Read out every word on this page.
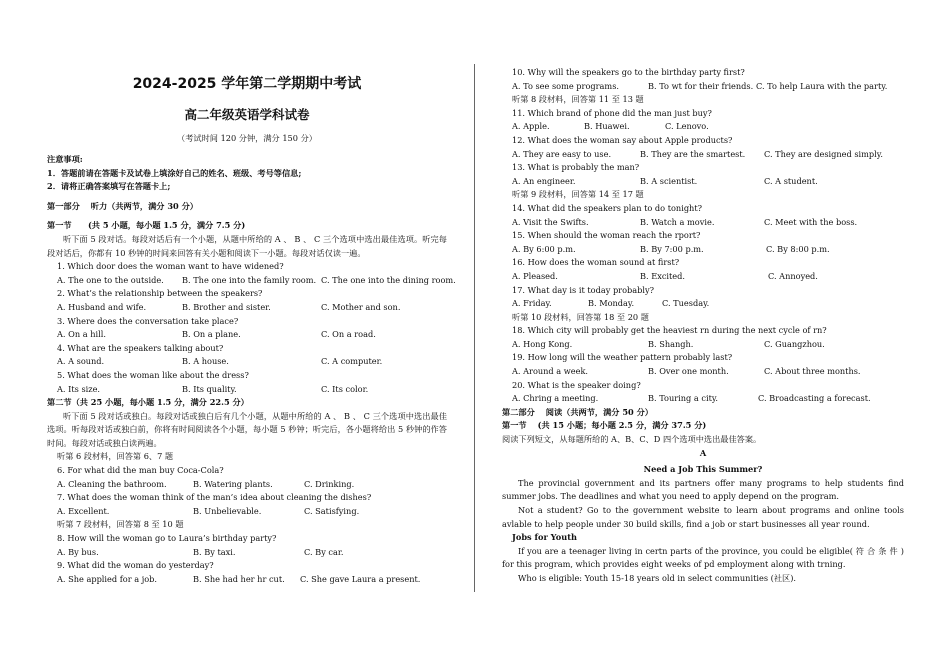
2024-2025 学年第二学期期中考试
高二年级英语学科试卷
（考试时间 120 分钟，满分 150 分）
注意事项:
1．答题前请在答题卡及试卷上填涂好自己的姓名、班级、考号等信息;
2．请将正确答案填写在答题卡上;
第一部分　 听力（共两节，满分 30 分）
第一节　　(共 5 小题，每小题 1.5 分，满分 7.5 分)
听下面 5 段对话。每段对话后有一个小题，从题中所给的 A 、 B 、 C 三个选项中选出最佳选项。听完每段对话后，你都有 10 秒钟的时间来回答有关小题和阅读下一小题。每段对话仅读一遍。
1. Which door does the woman want to have widened?
A. The one to the outside. B. The one into the family room. C. The one into the dining room.
2. What’s the relationship between the speakers?
A. Husband and wife.	B. Brother and sister.	C. Mother and son.
3. Where does the conversation take place?
A. On a hill.	B. On a plane.	C. On a road.
4. What are the speakers talking about?
A. A sound.	B. A house.	C. A computer.
5. What does the woman like about the dress?
A. Its size.	B. Its quality.	C. Its color.
第二节（共 25 小题，每小题 1.5 分，满分 22.5 分）
听下面 5 段对话或独白。每段对话或独白后有几个小题，从题中所给的 A 、 B 、 C 三个选项中选出最佳选项。听每段对话或独白前，你将有时间阅读各个小题，每小题 5 秒钟；听完后，各小题将给出 5 秒钟的作答时间。每段对话或独白读两遍。
听第 6 段材料，回答第 6、7 题
6. For what did the man buy Coca-Cola?
A. Cleaning the bathroom.	B. Watering plants.	C. Drinking.
7. What does the woman think of the man’s idea about cleaning the dishes?
A. Excellent.	B. Unbelievable.	C. Satisfying.
听第 7 段材料，回答第 8 至 10 题
8. How will the woman go to Laura’s birthday party?
A. By bus.	B. By taxi.	C. By car.
9. What did the woman do yesterday?
A. She applied for a job.	B. She had her hr cut. C. She gave Laura a present.
10. Why will the speakers go to the birthday party first?
A. To see some programs.	B. To wt for their friends. C. To help Laura with the party.
听第 8 段材料，回答第 11 至 13 题
11. Which brand of phone did the man just buy?
A. Apple.	B. Huawei.	C. Lenovo.
12. What does the woman say about Apple products?
A. They are easy to use.	B. They are the smartest. C. They are designed simply.
13. What is probably the man?
A. An engineer.	B. A scientist.	C. A student.
听第 9 段材料，回答第 14 至 17 题
14. What did the speakers plan to do tonight?
A. Visit the Swifts.	B. Watch a movie.	C. Meet with the boss.
15. When should the woman reach the rport?
A. By 6:00 p.m.	B. By 7:00 p.m.	C. By 8:00 p.m.
16. How does the woman sound at first?
A. Pleased.	B. Excited.	C. Annoyed.
17. What day is it today probably?
A. Friday.	B. Monday.	C. Tuesday.
听第 10 段材料，回答第 18 至 20 题
18. Which city will probably get the heaviest rn during the next cycle of rn?
A. Hong Kong.	B. Shangh.	C. Guangzhou.
19. How long will the weather pattern probably last?
A. Around a week.	B. Over one month.	C. About three months.
20. What is the speaker doing?
A. Chring a meeting.	B. Touring a city.	C. Broadcasting a forecast.
第二部分　 阅读（共两节，满分 50 分）
第一节　 (共 15 小题；每小题 2.5 分，满分 37.5 分)
阅读下列短文，从每题所给的 A、B、C、D 四个选项中选出最佳答案。
A
Need a Job This Summer?
The provincial government and its partners offer many programs to help students find summer jobs. The deadlines and what you need to apply depend on the program.
Not a student? Go to the government website to learn about programs and online tools avlable to help people under 30 build skills, find a job or start businesses all year round.
Jobs for Youth
If you are a teenager living in certn parts of the province, you could be eligible( 符 合 条 件 ) for this program, which provides eight weeks of pd employment along with trning.
Who is eligible: Youth 15-18 years old in select communities (社区).
